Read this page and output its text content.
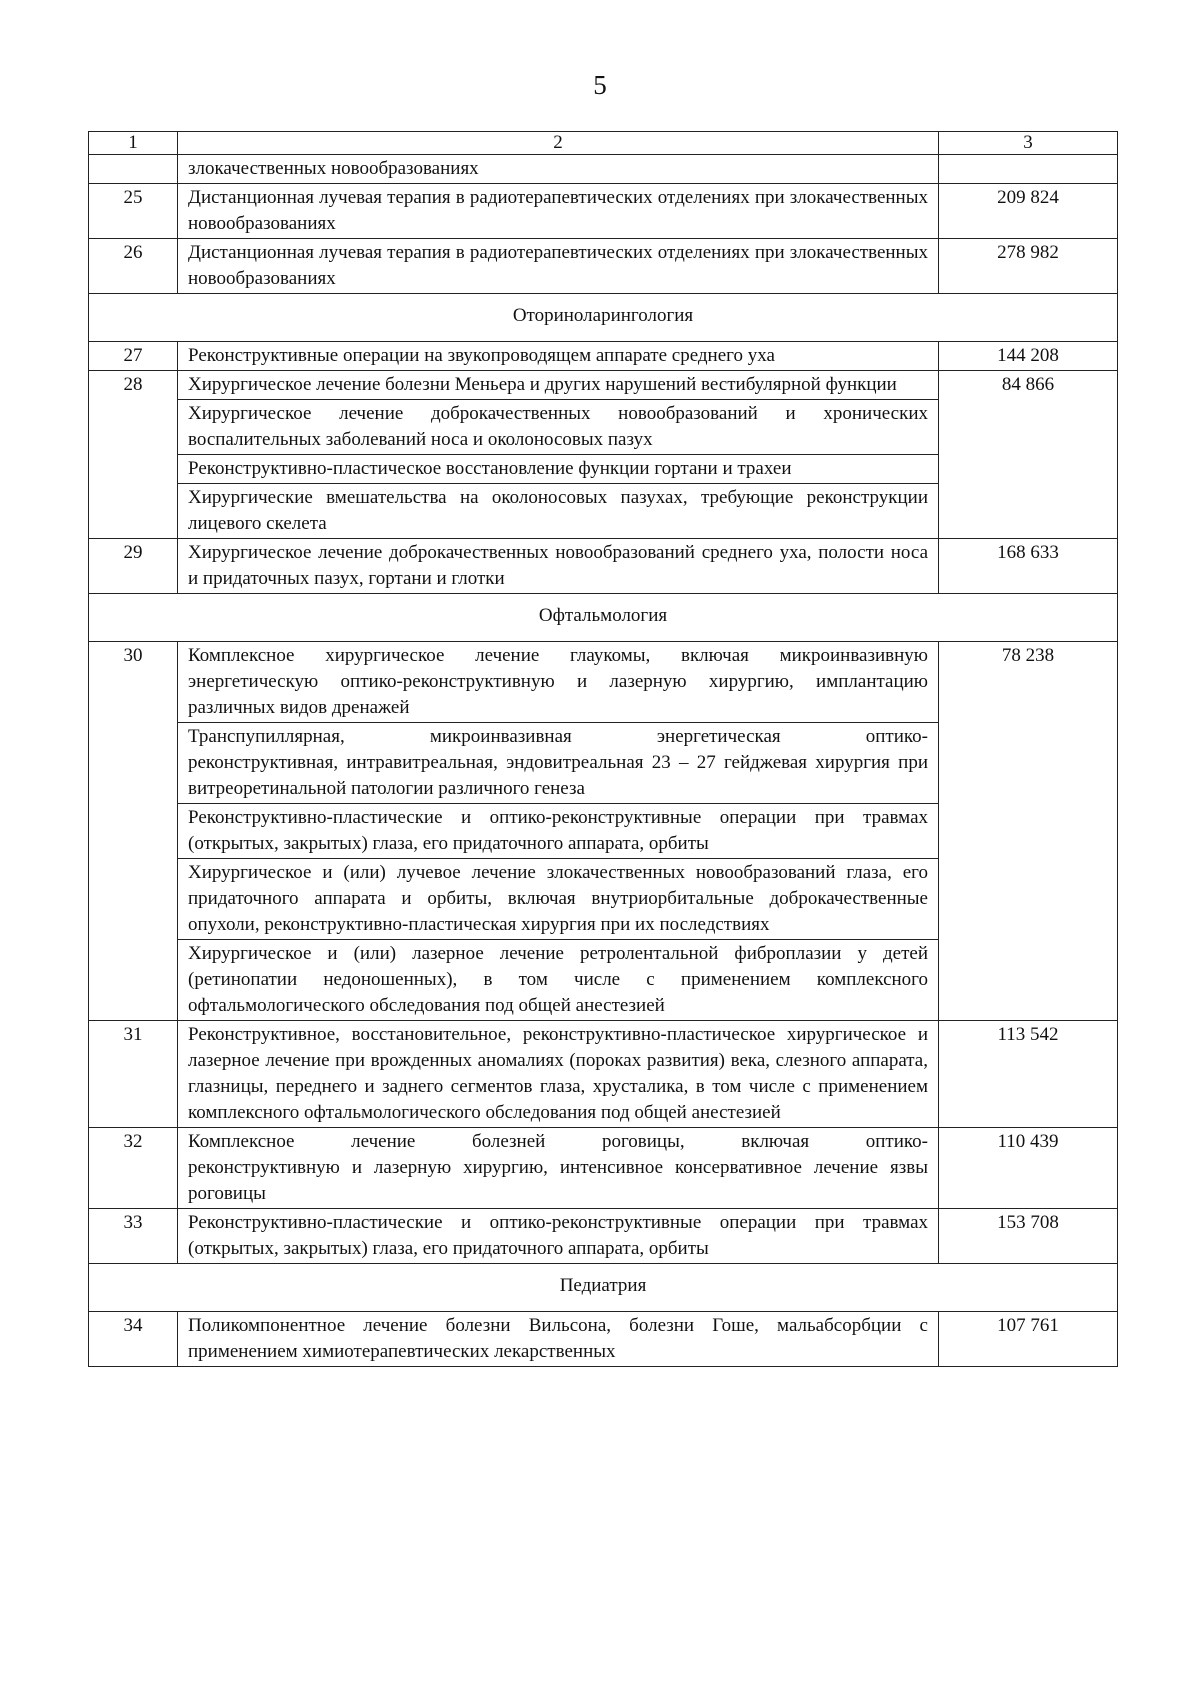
5
1	2	3

	злокачественных новообразованиях	

25	Дистанционная лучевая терапия в радиотерапевтических отделениях при злокачественных новообразованиях	209 824
26	Дистанционная лучевая терапия в радиотерапевтических отделениях при злокачественных новообразованиях	278 982
Оториноларингология		
27	Реконструктивные операции на звукопроводящем аппарате среднего уха	144 208
28	Хирургическое лечение болезни Меньера и других нарушений вестибулярной функции	84 866

	Хирургическое лечение доброкачественных новообразований и хронических воспалительных заболеваний носа и околоносовых пазух	

	Реконструктивно-пластическое восстановление функции гортани и трахеи	

	Хирургические вмешательства на околоносовых пазухах, требующие реконструкции лицевого скелета	

29	Хирургическое лечение доброкачественных новообразований среднего уха, полости носа и придаточных пазух, гортани и глотки	168 633
Офтальмология		
30	Комплексное хирургическое лечение глаукомы, включая микроинвазивную энергетическую оптико-реконструктивную и лазерную хирургию, имплантацию различных видов дренажей	78 238

	Транспупиллярная, микроинвазивная энергетическая оптико-
реконструктивная, интравитреальная, эндовитреальная 23 – 27 гейджевая хирургия при витреоретинальной патологии различного генеза	

	Реконструктивно-пластические и оптико-реконструктивные операции при травмах (открытых, закрытых) глаза, его придаточного аппарата, орбиты	

	Хирургическое и (или) лучевое лечение злокачественных новообразований глаза, его придаточного аппарата и орбиты, включая внутриорбитальные доброкачественные опухоли, реконструктивно-пластическая хирургия при их последствиях	

	Хирургическое и (или) лазерное лечение ретролентальной фиброплазии у детей (ретинопатии недоношенных), в том числе с применением комплексного офтальмологического обследования под общей анестезией	

31	Реконструктивное, восстановительное, реконструктивно-пластическое хирургическое и лазерное лечение при врожденных аномалиях (пороках развития) века, слезного аппарата, глазницы, переднего и заднего сегментов глаза, хрусталика, в том числе с применением комплексного офтальмологического обследования под общей анестезией	113 542
32	Комплексное лечение болезней роговицы, включая оптико-
реконструктивную и лазерную хирургию, интенсивное консервативное лечение язвы роговицы	110 439
33	Реконструктивно-пластические и оптико-реконструктивные операции при травмах (открытых, закрытых) глаза, его придаточного аппарата, орбиты	153 708
Педиатрия		
34	Поликомпонентное лечение болезни Вильсона, болезни Гоше, мальабсорбции с применением химиотерапевтических лекарственных	107 761
